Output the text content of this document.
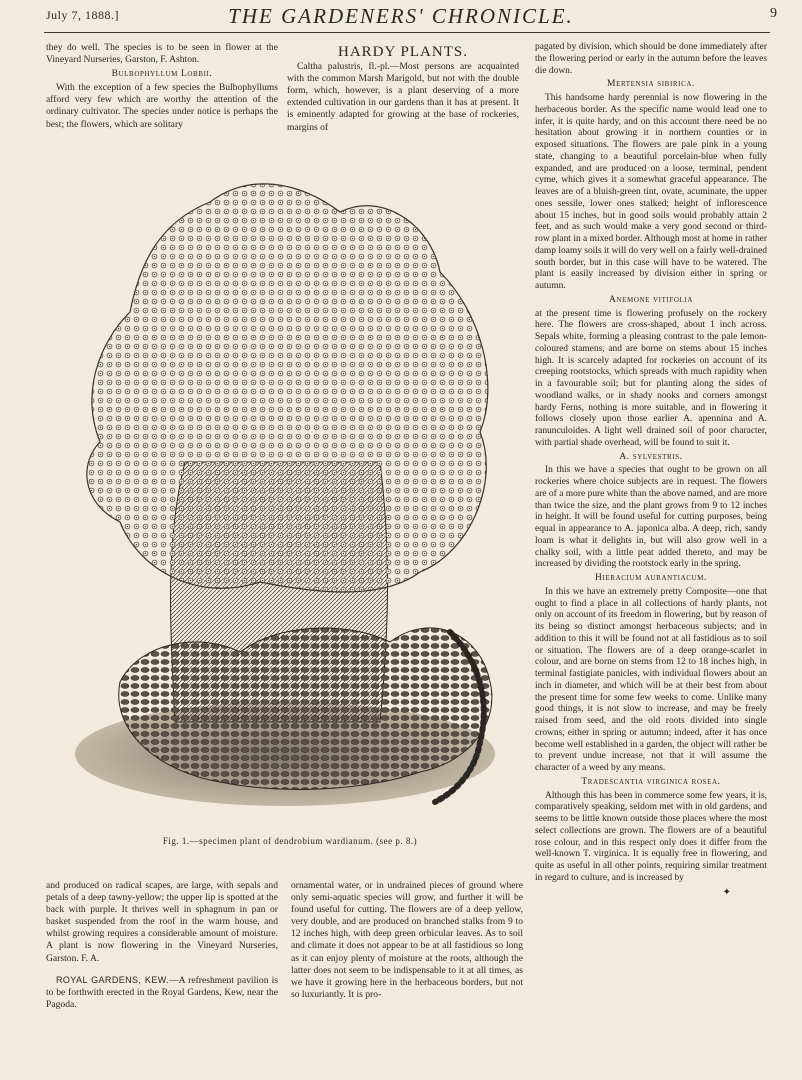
July 7, 1888.]	THE GARDENERS' CHRONICLE.	9

they do well. The species is to be seen in flower at the Vineyard Nurseries, Garston, F. Ashton.

Bulbophyllum Lobbii.

With the exception of a few species the Bulbophyllums afford very few which are worthy the attention of the ordinary cultivator. The species under notice is perhaps the best; the flowers, which are solitary

HARDY PLANTS.

Caltha palustris, fl.-pl.—Most persons are acquainted with the common Marsh Marigold, but not with the double form, which, however, is a plant deserving of a more extended cultivation in our gardens than it has at present. It is eminently adapted for growing at the base of rockeries, margins of

Fig. 1.—specimen plant of dendrobium wardianum. (see p. 8.)

and produced on radical scapes, are large, with sepals and petals of a deep tawny-yellow; the upper lip is spotted at the back with purple. It thrives well in sphagnum in pan or basket suspended from the roof in the warm house, and whilst growing requires a considerable amount of moisture. A plant is now flowering in the Vineyard Nurseries, Garston. F. A.

ROYAL GARDENS, KEW.—A refreshment pavilion is to be forthwith erected in the Royal Gardens, Kew, near the Pagoda.

ornamental water, or in undrained pieces of ground where only semi-aquatic species will grow, and further it will be found useful for cutting. The flowers are of a deep yellow, very double, and are produced on branched stalks from 9 to 12 inches high, with deep green orbicular leaves. As to soil and climate it does not appear to be at all fastidious so long as it can enjoy plenty of moisture at the roots, although the latter does not seem to be indispensable to it at all times, as we have it growing here in the herbaceous borders, but not so luxuriantly. It is pro-

pagated by division, which should be done immediately after the flowering period or early in the autumn before the leaves die down.

Mertensia sibirica.

This handsome hardy perennial is now flowering in the herbaceous border. As the specific name would lead one to infer, it is quite hardy, and on this account there need be no hesitation about growing it in northern counties or in exposed situations. The flowers are pale pink in a young state, changing to a beautiful porcelain-blue when fully expanded, and are produced on a loose, terminal, pendent cyme, which gives it a somewhat graceful appearance. The leaves are of a bluish-green tint, ovate, acuminate, the upper ones sessile, lower ones stalked; height of inflorescence about 15 inches, but in good soils would probably attain 2 feet, and as such would make a very good second or third-row plant in a mixed border. Although most at home in rather damp loamy soils it will do very well on a fairly well-drained south border, but in this case will have to be watered. The plant is easily increased by division either in spring or autumn.

Anemone vitifolia

at the present time is flowering profusely on the rockery here. The flowers are cross-shaped, about 1 inch across. Sepals white, forming a pleasing contrast to the pale lemon-coloured stamens, and are borne on stems about 15 inches high. It is scarcely adapted for rockeries on account of its creeping rootstocks, which spreads with much rapidity when in a favourable soil; but for planting along the sides of woodland walks, or in shady nooks and corners amongst hardy Ferns, nothing is more suitable, and in flowering it follows closely upon those earlier A. apennina and A. ranunculoides. A light well drained soil of poor character, with partial shade overhead, will be found to suit it.

A. sylvestris.

In this we have a species that ought to be grown on all rockeries where choice subjects are in request. The flowers are of a more pure white than the above named, and are more than twice the size, and the plant grows from 9 to 12 inches in height. It will be found useful for cutting purposes, being equal in appearance to A. japonica alba. A deep, rich, sandy loam is what it delights in, but will also grow well in a chalky soil, with a little peat added thereto, and may be increased by dividing the rootstock early in the spring.

Hieracium aurantiacum.

In this we have an extremely pretty Composite—one that ought to find a place in all collections of hardy plants, not only on account of its freedom in flowering, but by reason of its being so distinct amongst herbaceous subjects; and in addition to this it will be found not at all fastidious as to soil or situation. The flowers are of a deep orange-scarlet in colour, and are borne on stems from 12 to 18 inches high, in terminal fastigiate panicles, with individual flowers about an inch in diameter, and which will be at their best from about the present time for some few weeks to come. Unlike many good things, it is not slow to increase, and may be freely raised from seed, and the old roots divided into single crowns, either in spring or autumn; indeed, after it has once become well established in a garden, the object will rather be to prevent undue increase, not that it will assume the character of a weed by any means.

Tradescantia virginica rosea.

Although this has been in commerce some few years, it is, comparatively speaking, seldom met with in old gardens, and seems to be little known outside those places where the most select collections are grown. The flowers are of a beautiful rose colour, and in this respect only does it differ from the well-known T. virginica. It is equally free in flowering, and quite as useful in all other points, requiring similar treatment in regard to culture, and is increased by

✦
